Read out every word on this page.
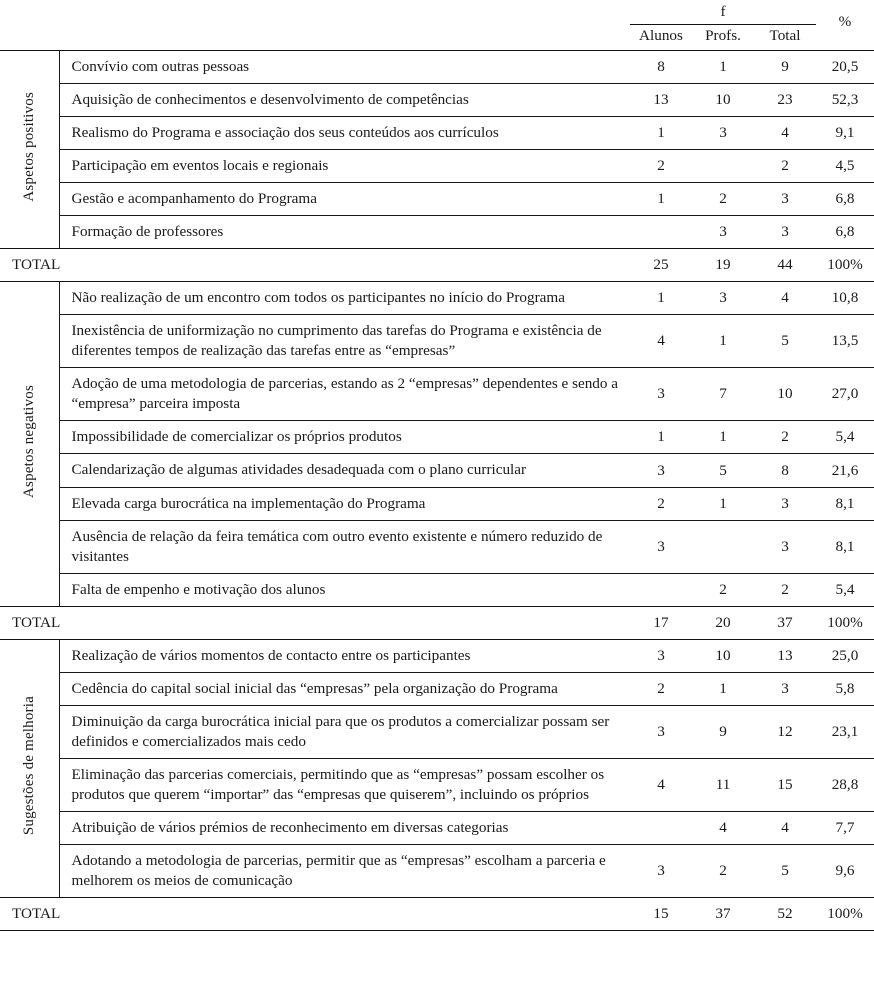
		f			%
		Alunos	Profs.	Total	
Aspetos positivos	Convívio com outras pessoas	8	1	9	20,5
	Aquisição de conhecimentos e desenvolvimento de competências	13	10	23	52,3
	Realismo do Programa e associação dos seus conteúdos aos currículos	1	3	4	9,1
	Participação em eventos locais e regionais	2		2	4,5
	Gestão e acompanhamento do Programa	1	2	3	6,8
	Formação de professores		3	3	6,8
TOTAL		25	19	44	100%
Aspetos negativos	Não realização de um encontro com todos os participantes no início do Programa	1	3	4	10,8
	Inexistência de uniformização no cumprimento das tarefas do Programa e existência de diferentes tempos de realização das tarefas entre as “empresas”	4	1	5	13,5
	Adoção de uma metodologia de parcerias, estando as 2 “empresas” dependentes e sendo a “empresa” parceira imposta	3	7	10	27,0
	Impossibilidade de comercializar os próprios produtos	1	1	2	5,4
	Calendarização de algumas atividades desadequada com o plano curricular	3	5	8	21,6
	Elevada carga burocrática na implementação do Programa	2	1	3	8,1
	Ausência de relação da feira temática com outro evento existente e número reduzido de visitantes	3		3	8,1
	Falta de empenho e motivação dos alunos		2	2	5,4
TOTAL		17	20	37	100%
Sugestões de melhoria	Realização de vários momentos de contacto entre os participantes	3	10	13	25,0
	Cedência do capital social inicial das “empresas” pela organização do Programa	2	1	3	5,8
	Diminuição da carga burocrática inicial para que os produtos a comercializar possam ser definidos e comercializados mais cedo	3	9	12	23,1
	Eliminação das parcerias comerciais, permitindo que as “empresas” possam escolher os produtos que querem “importar” das “empresas que quiserem”, incluindo os próprios	4	11	15	28,8
	Atribuição de vários prémios de reconhecimento em diversas categorias		4	4	7,7
	Adotando a metodologia de parcerias, permitir que as “empresas” escolham a parceria e melhorem os meios de comunicação	3	2	5	9,6
TOTAL		15	37	52	100%
